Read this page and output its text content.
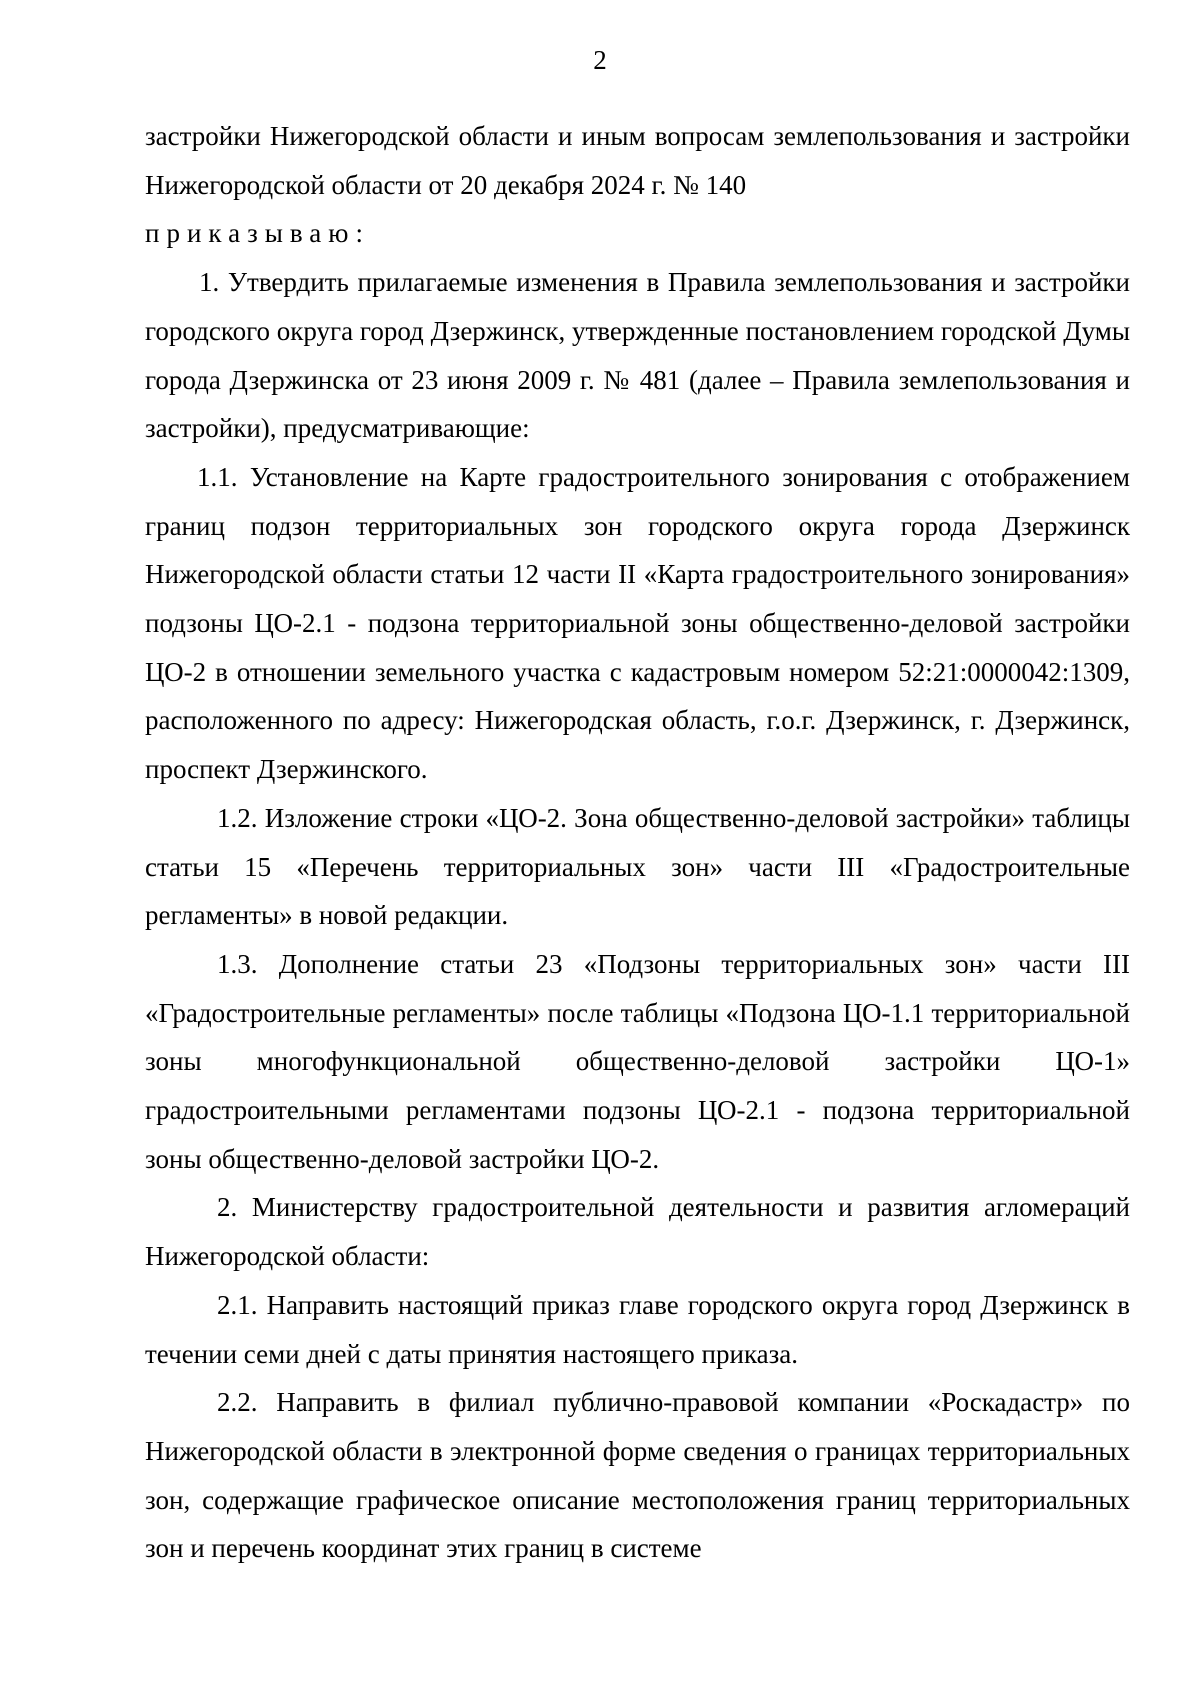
2

застройки Нижегородской области и иным вопросам землепользования и застройки Нижегородской области от 20 декабря 2024 г. № 140

приказываю:

1. Утвердить прилагаемые изменения в Правила землепользования и застройки городского округа город Дзержинск, утвержденные постановлением городской Думы города Дзержинска от 23 июня 2009 г. № 481 (далее – Правила землепользования и застройки), предусматривающие:

1.1. Установление на Карте градостроительного зонирования с отображением границ подзон территориальных зон городского округа города Дзержинск Нижегородской области статьи 12 части II «Карта градостроительного зонирования» подзоны ЦО-2.1 - подзона территориальной зоны общественно-деловой застройки ЦО-2 в отношении земельного участка с кадастровым номером 52:21:0000042:1309, расположенного по адресу: Нижегородская область, г.о.г. Дзержинск, г. Дзержинск, проспект Дзержинского.

1.2. Изложение строки «ЦО-2. Зона общественно-деловой застройки» таблицы статьи 15 «Перечень территориальных зон» части III «Градостроительные регламенты» в новой редакции.

1.3. Дополнение статьи 23 «Подзоны территориальных зон» части III «Градостроительные регламенты» после таблицы «Подзона ЦО-1.1 территориальной зоны многофункциональной общественно-деловой застройки ЦО-1» градостроительными регламентами подзоны ЦО-2.1 - подзона территориальной зоны общественно-деловой застройки ЦО-2.

2. Министерству градостроительной деятельности и развития агломераций Нижегородской области:

2.1. Направить настоящий приказ главе городского округа город Дзержинск в течении семи дней с даты принятия настоящего приказа.

2.2. Направить в филиал публично-правовой компании «Роскадастр» по Нижегородской области в электронной форме сведения о границах территориальных зон, содержащие графическое описание местоположения границ территориальных зон и перечень координат этих границ в системе
